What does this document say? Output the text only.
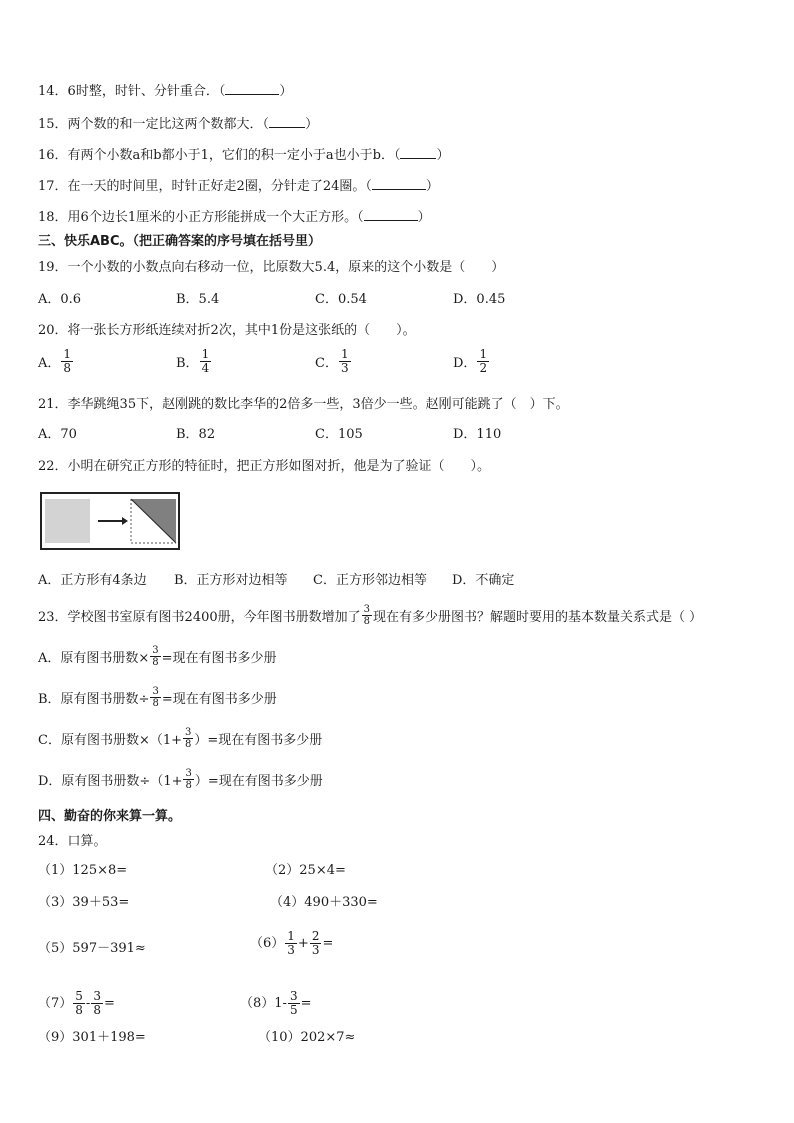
14．6时整，时针、分针重合．（	）
15．两个数的和一定比这两个数都大．（	）
16．有两个小数a和b都小于1，它们的积一定小于a也小于b．（	）
17．在一天的时间里，时针正好走2圈，分针走了24圈。（	）
18．用6个边长1厘米的小正方形能拼成一个大正方形。（	）
三、快乐ABC。（把正确答案的序号填在括号里）
19．一个小数的小数点向右移动一位，比原数大5.4，原来的这个小数是（　　）
A．0.6	B．5.4	C．0.54	D．0.45
20．将一张长方形纸连续对折2次，其中1份是这张纸的（　　）。
A． $\frac{1}{8}$	B． $\frac{1}{4}$	C． $\frac{1}{3}$	D． $\frac{1}{2}$
21．李华跳绳35下，赵刚跳的数比李华的2倍多一些，3倍少一些。赵刚可能跳了（　）下。
A．70	B．82	C．105	D．110
22．小明在研究正方形的特征时，把正方形如图对折，他是为了验证（　　）。
A．正方形有4条边 B．正方形对边相等 C．正方形邻边相等 D．不确定
23．学校图书室原有图书2400册，今年图书册数增加了 $\frac{3}{8}$ 现在有多少册图书？解题时要用的基本数量关系式是（ ）
A．原有图书册数× $\frac{3}{8}$ =现在有图书多少册
B．原有图书册数÷ $\frac{3}{8}$ =现在有图书多少册
C．原有图书册数$\times(1+ \frac{3}{8}$ ）=现在有图书多少册
D．原有图书册数$\div(1+ \frac{3}{8}$ ）=现在有图书多少册
四、勤奋的你来算一算。
24．口算。
（1）125×8=	（2）25×4=
（3）39＋53=	（4）490＋330=
（5）597－391≈	$(6) \frac{1}{3} + \frac{2}{3}$ =
$(7) \frac{5}{8} - \frac{3}{8}$ =	$(8)1- \frac{3}{5}$ =
（9）301＋198=	（10）202×7≈
